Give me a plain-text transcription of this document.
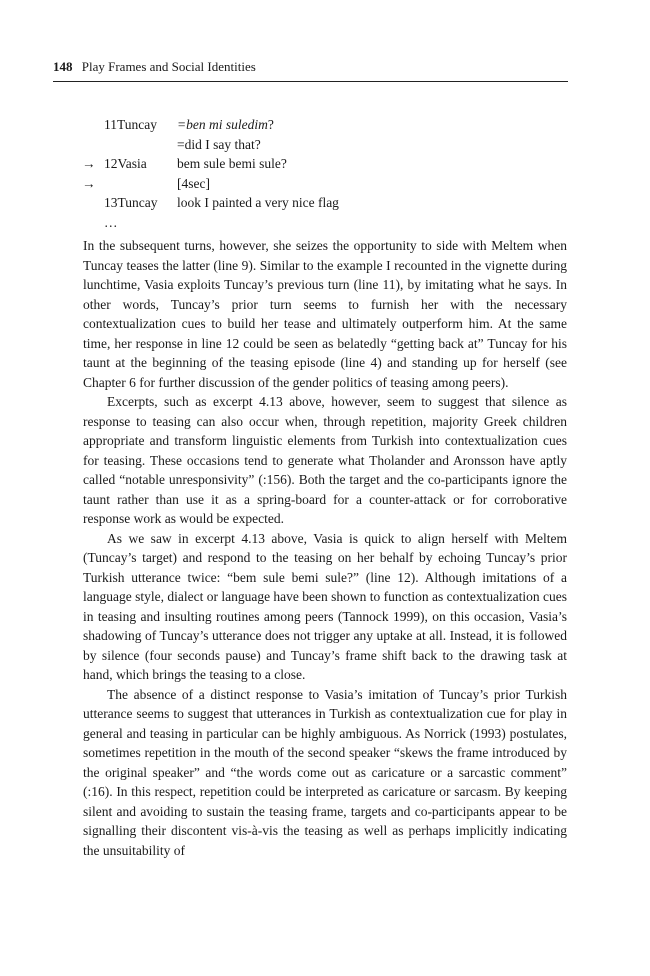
148 Play Frames and Social Identities
11Tuncay =ben mi suledim?
=did I say that?
→ 12Vasia bem sule bemi sule?
→	[4sec]
13Tuncay look I painted a very nice flag
…

In the subsequent turns, however, she seizes the opportunity to side with Meltem when Tuncay teases the latter (line 9). Similar to the example I recounted in the vignette during lunchtime, Vasia exploits Tuncay’s previous turn (line 11), by imitating what he says. In other words, Tuncay’s prior turn seems to furnish her with the necessary contextualization cues to build her tease and ultimately outperform him. At the same time, her response in line 12 could be seen as belatedly “getting back at” Tuncay for his taunt at the beginning of the teasing episode (line 4) and standing up for herself (see Chapter 6 for further discussion of the gender politics of teasing among peers).

Excerpts, such as excerpt 4.13 above, however, seem to suggest that silence as response to teasing can also occur when, through repetition, majority Greek children appropriate and transform linguistic elements from Turkish into contextualization cues for teasing. These occasions tend to generate what Tholander and Aronsson have aptly called “notable unresponsivity” (:156). Both the target and the co-participants ignore the taunt rather than use it as a spring-board for a counter-attack or for corroborative response work as would be expected.

As we saw in excerpt 4.13 above, Vasia is quick to align herself with Meltem (Tuncay’s target) and respond to the teasing on her behalf by echoing Tuncay’s prior Turkish utterance twice: “bem sule bemi sule?” (line 12). Although imitations of a language style, dialect or language have been shown to function as contextualization cues in teasing and insulting routines among peers (Tannock 1999), on this occasion, Vasia’s shadowing of Tuncay’s utterance does not trigger any uptake at all. Instead, it is followed by silence (four seconds pause) and Tuncay’s frame shift back to the drawing task at hand, which brings the teasing to a close.

The absence of a distinct response to Vasia’s imitation of Tuncay’s prior Turkish utterance seems to suggest that utterances in Turkish as contextualization cue for play in general and teasing in particular can be highly ambiguous. As Norrick (1993) postulates, sometimes repetition in the mouth of the second speaker “skews the frame introduced by the original speaker” and “the words come out as caricature or a sarcastic comment” (:16). In this respect, repetition could be interpreted as caricature or sarcasm. By keeping silent and avoiding to sustain the teasing frame, targets and co-participants appear to be signalling their discontent vis-à-vis the teasing as well as perhaps implicitly indicating the unsuitability of
